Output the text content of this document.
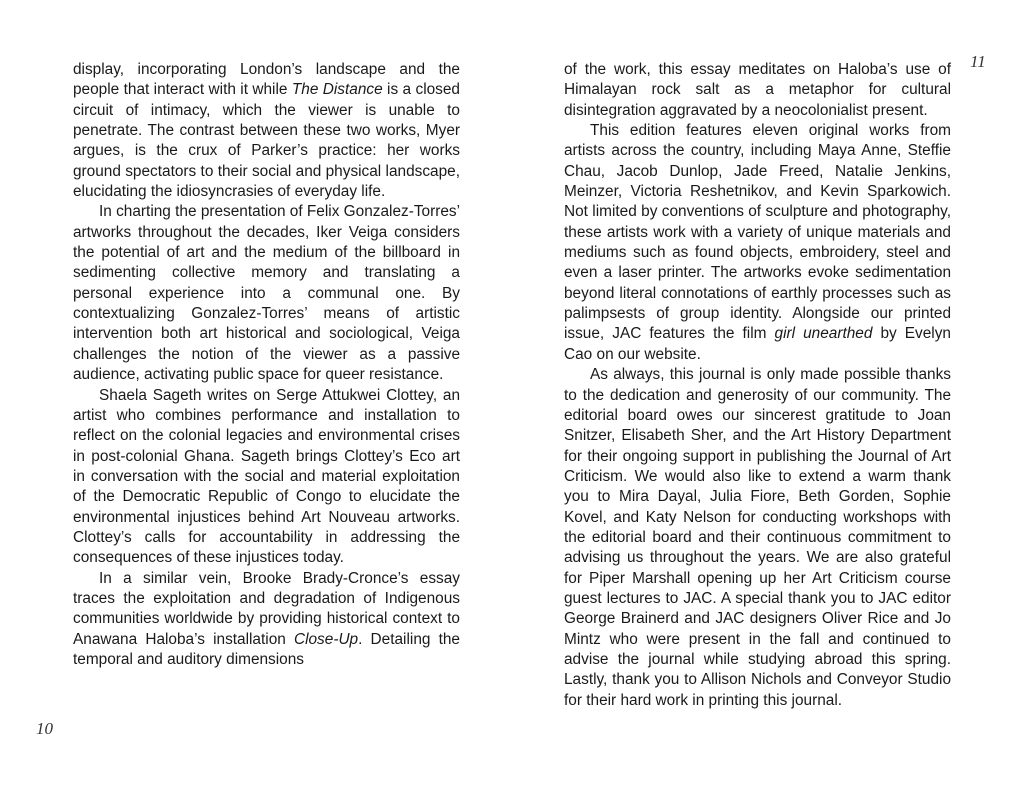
10
11

display, incorporating London’s landscape and the people that interact with it while The Distance is a closed circuit of intimacy, which the viewer is unable to penetrate. The contrast between these two works, Myer argues, is the crux of Parker’s practice: her works ground spectators to their social and physical landscape, elucidating the idiosyncrasies of everyday life.

In charting the presentation of Felix Gonzalez-Torres’ artworks throughout the decades, Iker Veiga considers the potential of art and the medium of the billboard in sedimenting collective memory and translating a personal experience into a communal one. By contextualizing Gonzalez-Torres’ means of artistic intervention both art historical and sociological, Veiga challenges the notion of the viewer as a passive audience, activating public space for queer resistance.

Shaela Sageth writes on Serge Attukwei Clottey, an artist who combines performance and installation to reflect on the colonial legacies and environmental crises in post-colonial Ghana. Sageth brings Clottey’s Eco art in conversation with the social and material exploitation of the Democratic Republic of Congo to elucidate the environmental injustices behind Art Nouveau artworks. Clottey’s calls for accountability in addressing the consequences of these injustices today.

In a similar vein, Brooke Brady-Cronce’s essay traces the exploitation and degradation of Indigenous communities worldwide by providing historical context to Anawana Haloba’s installation Close-Up. Detailing the temporal and auditory dimensions

of the work, this essay meditates on Haloba’s use of Himalayan rock salt as a metaphor for cultural disintegration aggravated by a neocolonialist present.

This edition features eleven original works from artists across the country, including Maya Anne, Steffie Chau, Jacob Dunlop, Jade Freed, Natalie Jenkins, Meinzer, Victoria Reshetnikov, and Kevin Sparkowich. Not limited by conventions of sculpture and photography, these artists work with a variety of unique materials and mediums such as found objects, embroidery, steel and even a laser printer. The artworks evoke sedimentation beyond literal connotations of earthly processes such as palimpsests of group identity. Alongside our printed issue, JAC features the film girl unearthed by Evelyn Cao on our website.

As always, this journal is only made possible thanks to the dedication and generosity of our community. The editorial board owes our sincerest gratitude to Joan Snitzer, Elisabeth Sher, and the Art History Department for their ongoing support in publishing the Journal of Art Criticism. We would also like to extend a warm thank you to Mira Dayal, Julia Fiore, Beth Gorden, Sophie Kovel, and Katy Nelson for conducting workshops with the editorial board and their continuous commitment to advising us throughout the years. We are also grateful for Piper Marshall opening up her Art Criticism course guest lectures to JAC. A special thank you to JAC editor George Brainerd and JAC designers Oliver Rice and Jo Mintz who were present in the fall and continued to advise the journal while studying abroad this spring. Lastly, thank you to Allison Nichols and Conveyor Studio for their hard work in printing this journal.
